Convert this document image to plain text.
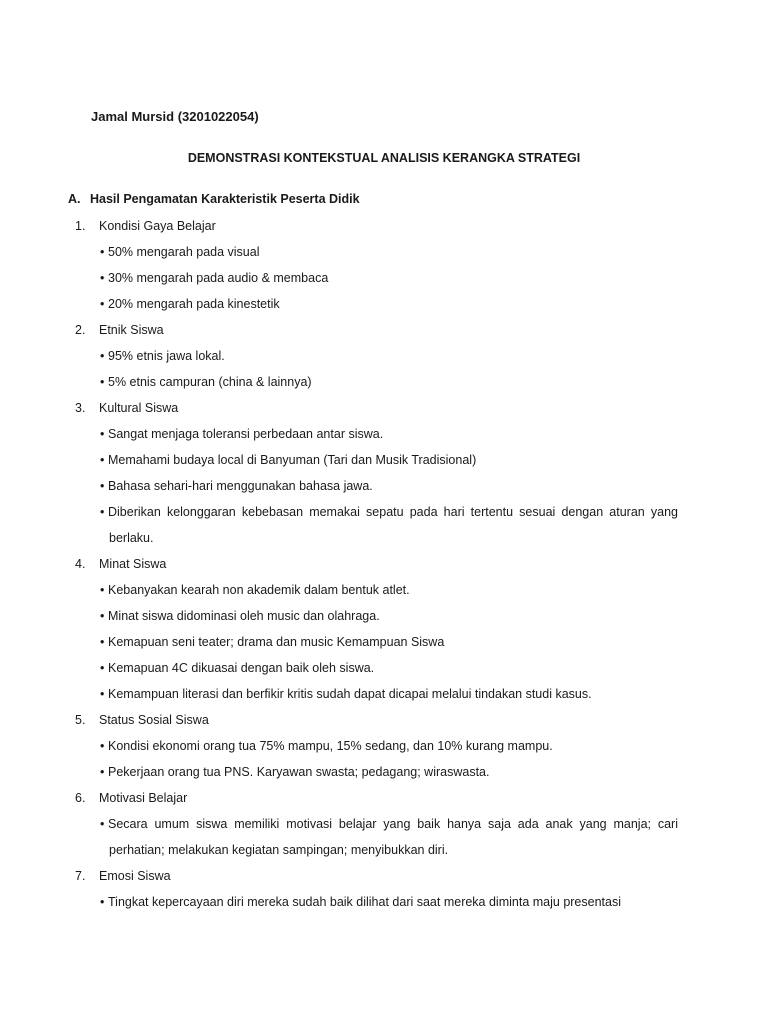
Jamal Mursid (3201022054)
DEMONSTRASI KONTEKSTUAL ANALISIS KERANGKA STRATEGI
A. Hasil Pengamatan Karakteristik Peserta Didik
1. Kondisi Gaya Belajar
• 50% mengarah pada visual
• 30% mengarah pada audio & membaca
• 20% mengarah pada kinestetik
2. Etnik Siswa
• 95% etnis jawa lokal.
• 5% etnis campuran (china & lainnya)
3. Kultural Siswa
• Sangat menjaga toleransi perbedaan antar siswa.
• Memahami budaya local di Banyuman (Tari dan Musik Tradisional)
• Bahasa sehari-hari menggunakan bahasa jawa.
• Diberikan kelonggaran kebebasan memakai sepatu pada hari tertentu sesuai dengan aturan yang
berlaku.
4. Minat Siswa
• Kebanyakan kearah non akademik dalam bentuk atlet.
• Minat siswa didominasi oleh music dan olahraga.
• Kemapuan seni teater; drama dan music Kemampuan Siswa
• Kemapuan 4C dikuasai dengan baik oleh siswa.
• Kemampuan literasi dan berfikir kritis sudah dapat dicapai melalui tindakan studi kasus.
5. Status Sosial Siswa
• Kondisi ekonomi orang tua 75% mampu, 15% sedang, dan 10% kurang mampu.
• Pekerjaan orang tua PNS. Karyawan swasta; pedagang; wiraswasta.
6. Motivasi Belajar
• Secara umum siswa memiliki motivasi belajar yang baik hanya saja ada anak yang manja; cari
perhatian; melakukan kegiatan sampingan; menyibukkan diri.
7. Emosi Siswa
• Tingkat kepercayaan diri mereka sudah baik dilihat dari saat mereka diminta maju presentasi
